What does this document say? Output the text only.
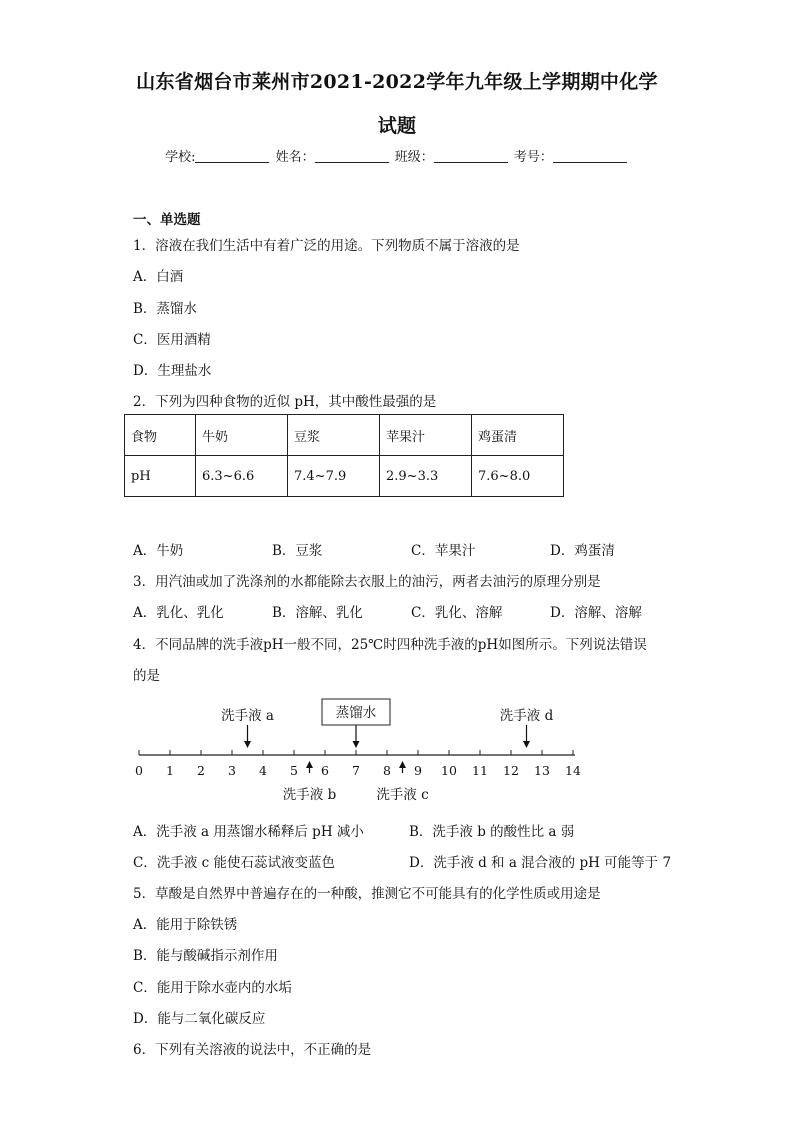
山东省烟台市莱州市2021-2022学年九年级上学期期中化学
试题
学校:	姓名：	班级：	考号：
一、单选题
1．溶液在我们生活中有着广泛的用途。下列物质不属于溶液的是
A．白酒
B．蒸馏水
C．医用酒精
D．生理盐水
2．下列为四种食物的近似 pH，其中酸性最强的是
食物	牛奶	豆浆	苹果汁	鸡蛋清
pH	6.3~6.6	7.4~7.9	2.9~3.3	7.6~8.0
A．牛奶	B．豆浆	C．苹果汁	D．鸡蛋清
3．用汽油或加了洗涤剂的水都能除去衣服上的油污，两者去油污的原理分别是
A．乳化、乳化	B．溶解、乳化	C．乳化、溶解	D．溶解、溶解
4．不同品牌的洗手液pH一般不同，25℃时四种洗手液的pH如图所示。下列说法错误
的是
0 1 2 3 4 5 6 7 8 9 10 11 12 13 14
洗手液 a	蒸馏水	洗手液 d
洗手液 b	洗手液 c
A．洗手液 a 用蒸馏水稀释后 pH 减小	B．洗手液 b 的酸性比 a 弱
C．洗手液 c 能使石蕊试液变蓝色	D．洗手液 d 和 a 混合液的 pH 可能等于 7
5．草酸是自然界中普遍存在的一种酸，推测它不可能具有的化学性质或用途是
A．能用于除铁锈
B．能与酸碱指示剂作用
C．能用于除水壶内的水垢
D．能与二氧化碳反应
6．下列有关溶液的说法中，不正确的是
